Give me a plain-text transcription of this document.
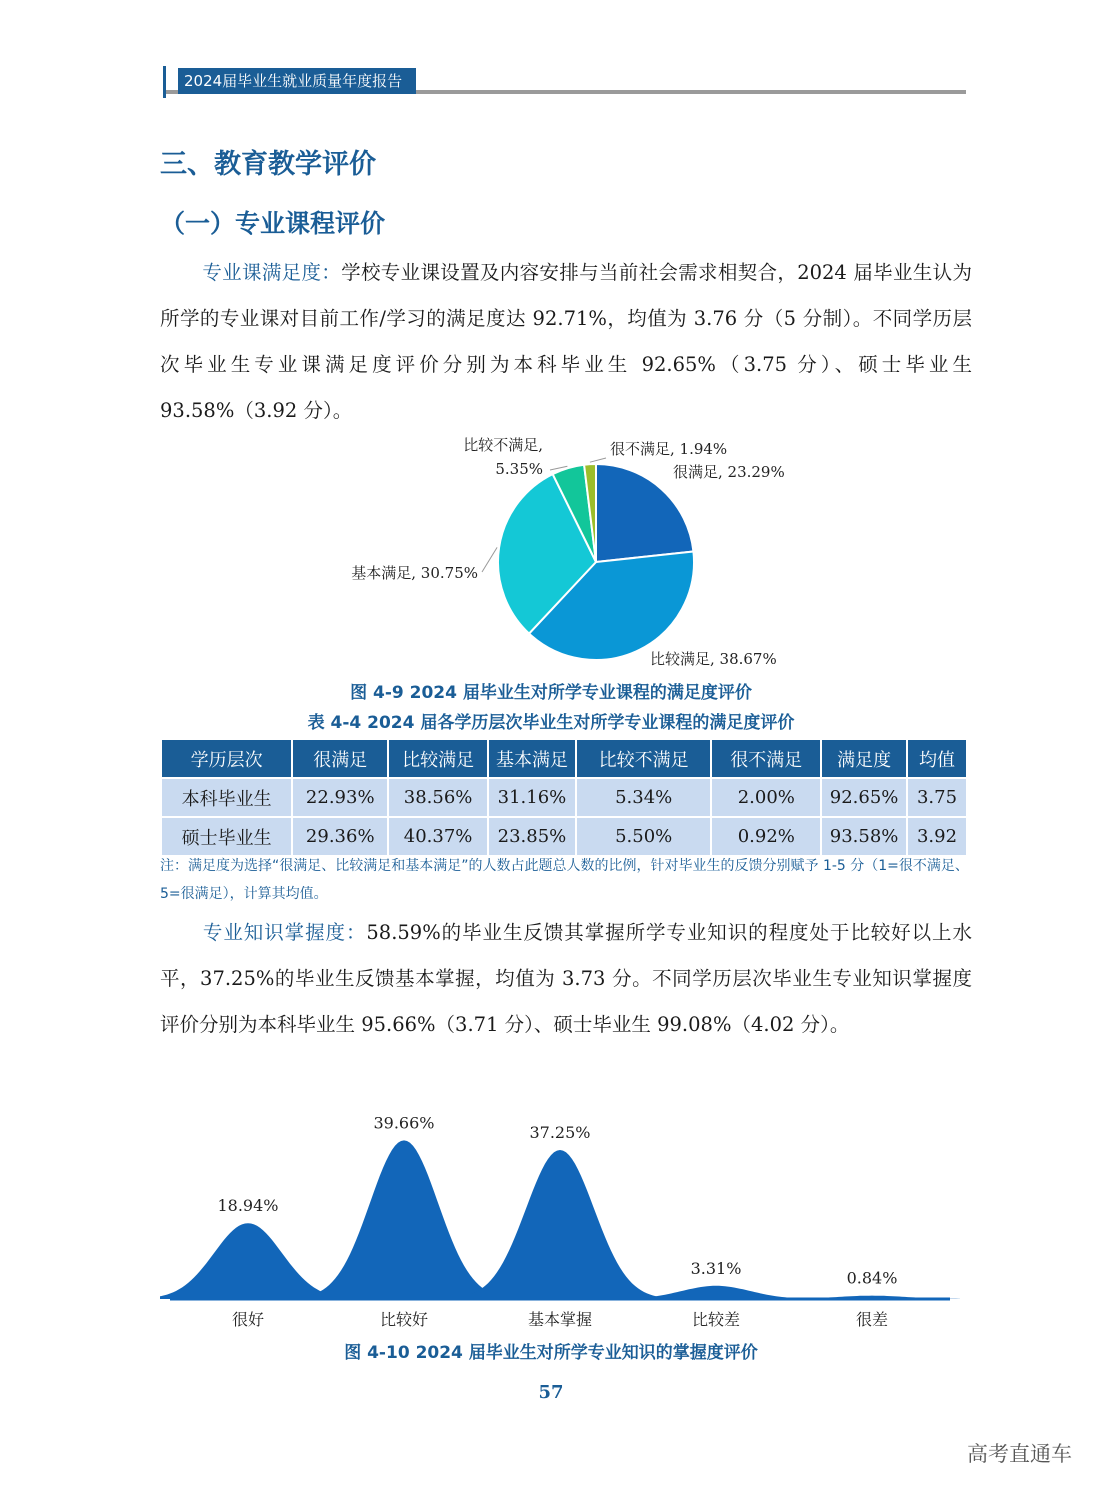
2024届毕业生就业质量年度报告
三、教育教学评价
（一）专业课程评价
专业课满足度：学校专业课设置及内容安排与当前社会需求相契合，2024 届毕业生认为所学的专业课对目前工作/学习的满足度达 92.71%，均值为 3.76 分（5 分制）。不同学历层次毕业生专业课满足度评价分别为本科毕业生 92.65%（3.75 分）、硕士毕业生 93.58%（3.92 分）。
很满足, 23.29%
比较满足, 38.67%
基本满足, 30.75%
比较不满足,
5.35%
很不满足, 1.94%
图 4-9 2024 届毕业生对所学专业课程的满足度评价
表 4-4 2024 届各学历层次毕业生对所学专业课程的满足度评价
学历层次	很满足	比较满足	基本满足	比较不满足	很不满足	满足度	均值
本科毕业生	22.93%	38.56%	31.16%	5.34%	2.00%	92.65%	3.75
硕士毕业生	29.36%	40.37%	23.85%	5.50%	0.92%	93.58%	3.92
注：满足度为选择“很满足、比较满足和基本满足”的人数占此题总人数的比例，针对毕业生的反馈分别赋予 1-5 分（1=很不满足、5=很满足），计算其均值。
专业知识掌握度：58.59%的毕业生反馈其掌握所学专业知识的程度处于比较好以上水平，37.25%的毕业生反馈基本掌握，均值为 3.73 分。不同学历层次毕业生专业知识掌握度评价分别为本科毕业生 95.66%（3.71 分）、硕士毕业生 99.08%（4.02 分）。
18.94%
很好
39.66%
比较好
37.25%
基本掌握
3.31%
比较差
0.84%
很差
图 4-10 2024 届毕业生对所学专业知识的掌握度评价
57
高考直通车
